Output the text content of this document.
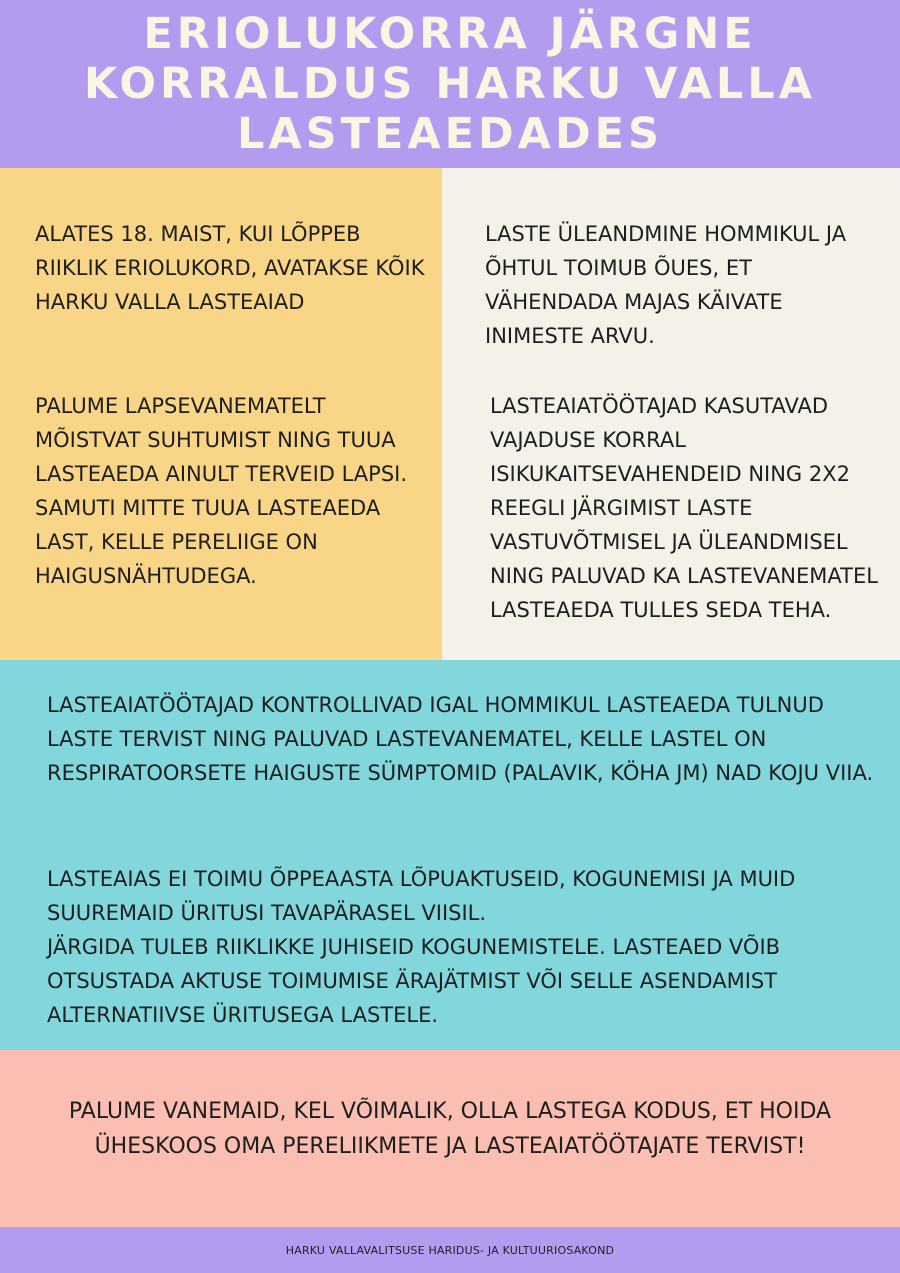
ERIOLUKORRA JÄRGNE KORRALDUS HARKU VALLA LASTEAEDADES

ALATES 18. MAIST, KUI LÕPPEB RIIKLIK ERIOLUKORD, AVATAKSE KÕIK HARKU VALLA LASTEAIAD

PALUME LAPSEVANEMATELT MÕISTVAT SUHTUMIST NING TUUA LASTEAEDA AINULT TERVEID LAPSI. SAMUTI MITTE TUUA LASTEAEDA LAST, KELLE PERELIIGE ON HAIGUSNÄHTUDEGA.

LASTE ÜLEANDMINE HOMMIKUL JA ÕHTUL TOIMUB ÕUES, ET VÄHENDADA MAJAS KÄIVATE INIMESTE ARVU.

LASTEAIATÖÖTAJAD KASUTAVAD VAJADUSE KORRAL ISIKUKAITSEVAHENDEID NING 2X2 REEGLI JÄRGIMIST LASTE VASTUVÕTMISEL JA ÜLEANDMISEL NING PALUVAD KA LASTEVANEMATEL LASTEAEDA TULLES SEDA TEHA.

LASTEAIATÖÖTAJAD KONTROLLIVAD IGAL HOMMIKUL LASTEAEDA TULNUD LASTE TERVIST NING PALUVAD LASTEVANEMATEL, KELLE LASTEL ON RESPIRATOORSETE HAIGUSTE SÜMPTOMID (PALAVIK, KÖHA JM) NAD KOJU VIIA.

LASTEAIAS EI TOIMU ÕPPEAASTA LÕPUAKTUSEID, KOGUNEMISI JA MUID SUUREMAID ÜRITUSI TAVAPÄRASEL VIISIL.

JÄRGIDA TULEB RIIKLIKKE JUHISEID KOGUNEMISTELE. LASTEAED VÕIB OTSUSTADA AKTUSE TOIMUMISE ÄRAJÄTMIST VÕI SELLE ASENDAMIST ALTERNATIIVSE ÜRITUSEGA LASTELE.

PALUME VANEMAID, KEL VÕIMALIK, OLLA LASTEGA KODUS, ET HOIDA ÜHESKOOS OMA PERELIIKMETE JA LASTEAIATÖÖTAJATE TERVIST!

HARKU VALLAVALITSUSE HARIDUS- JA KULTUURIOSAKOND
